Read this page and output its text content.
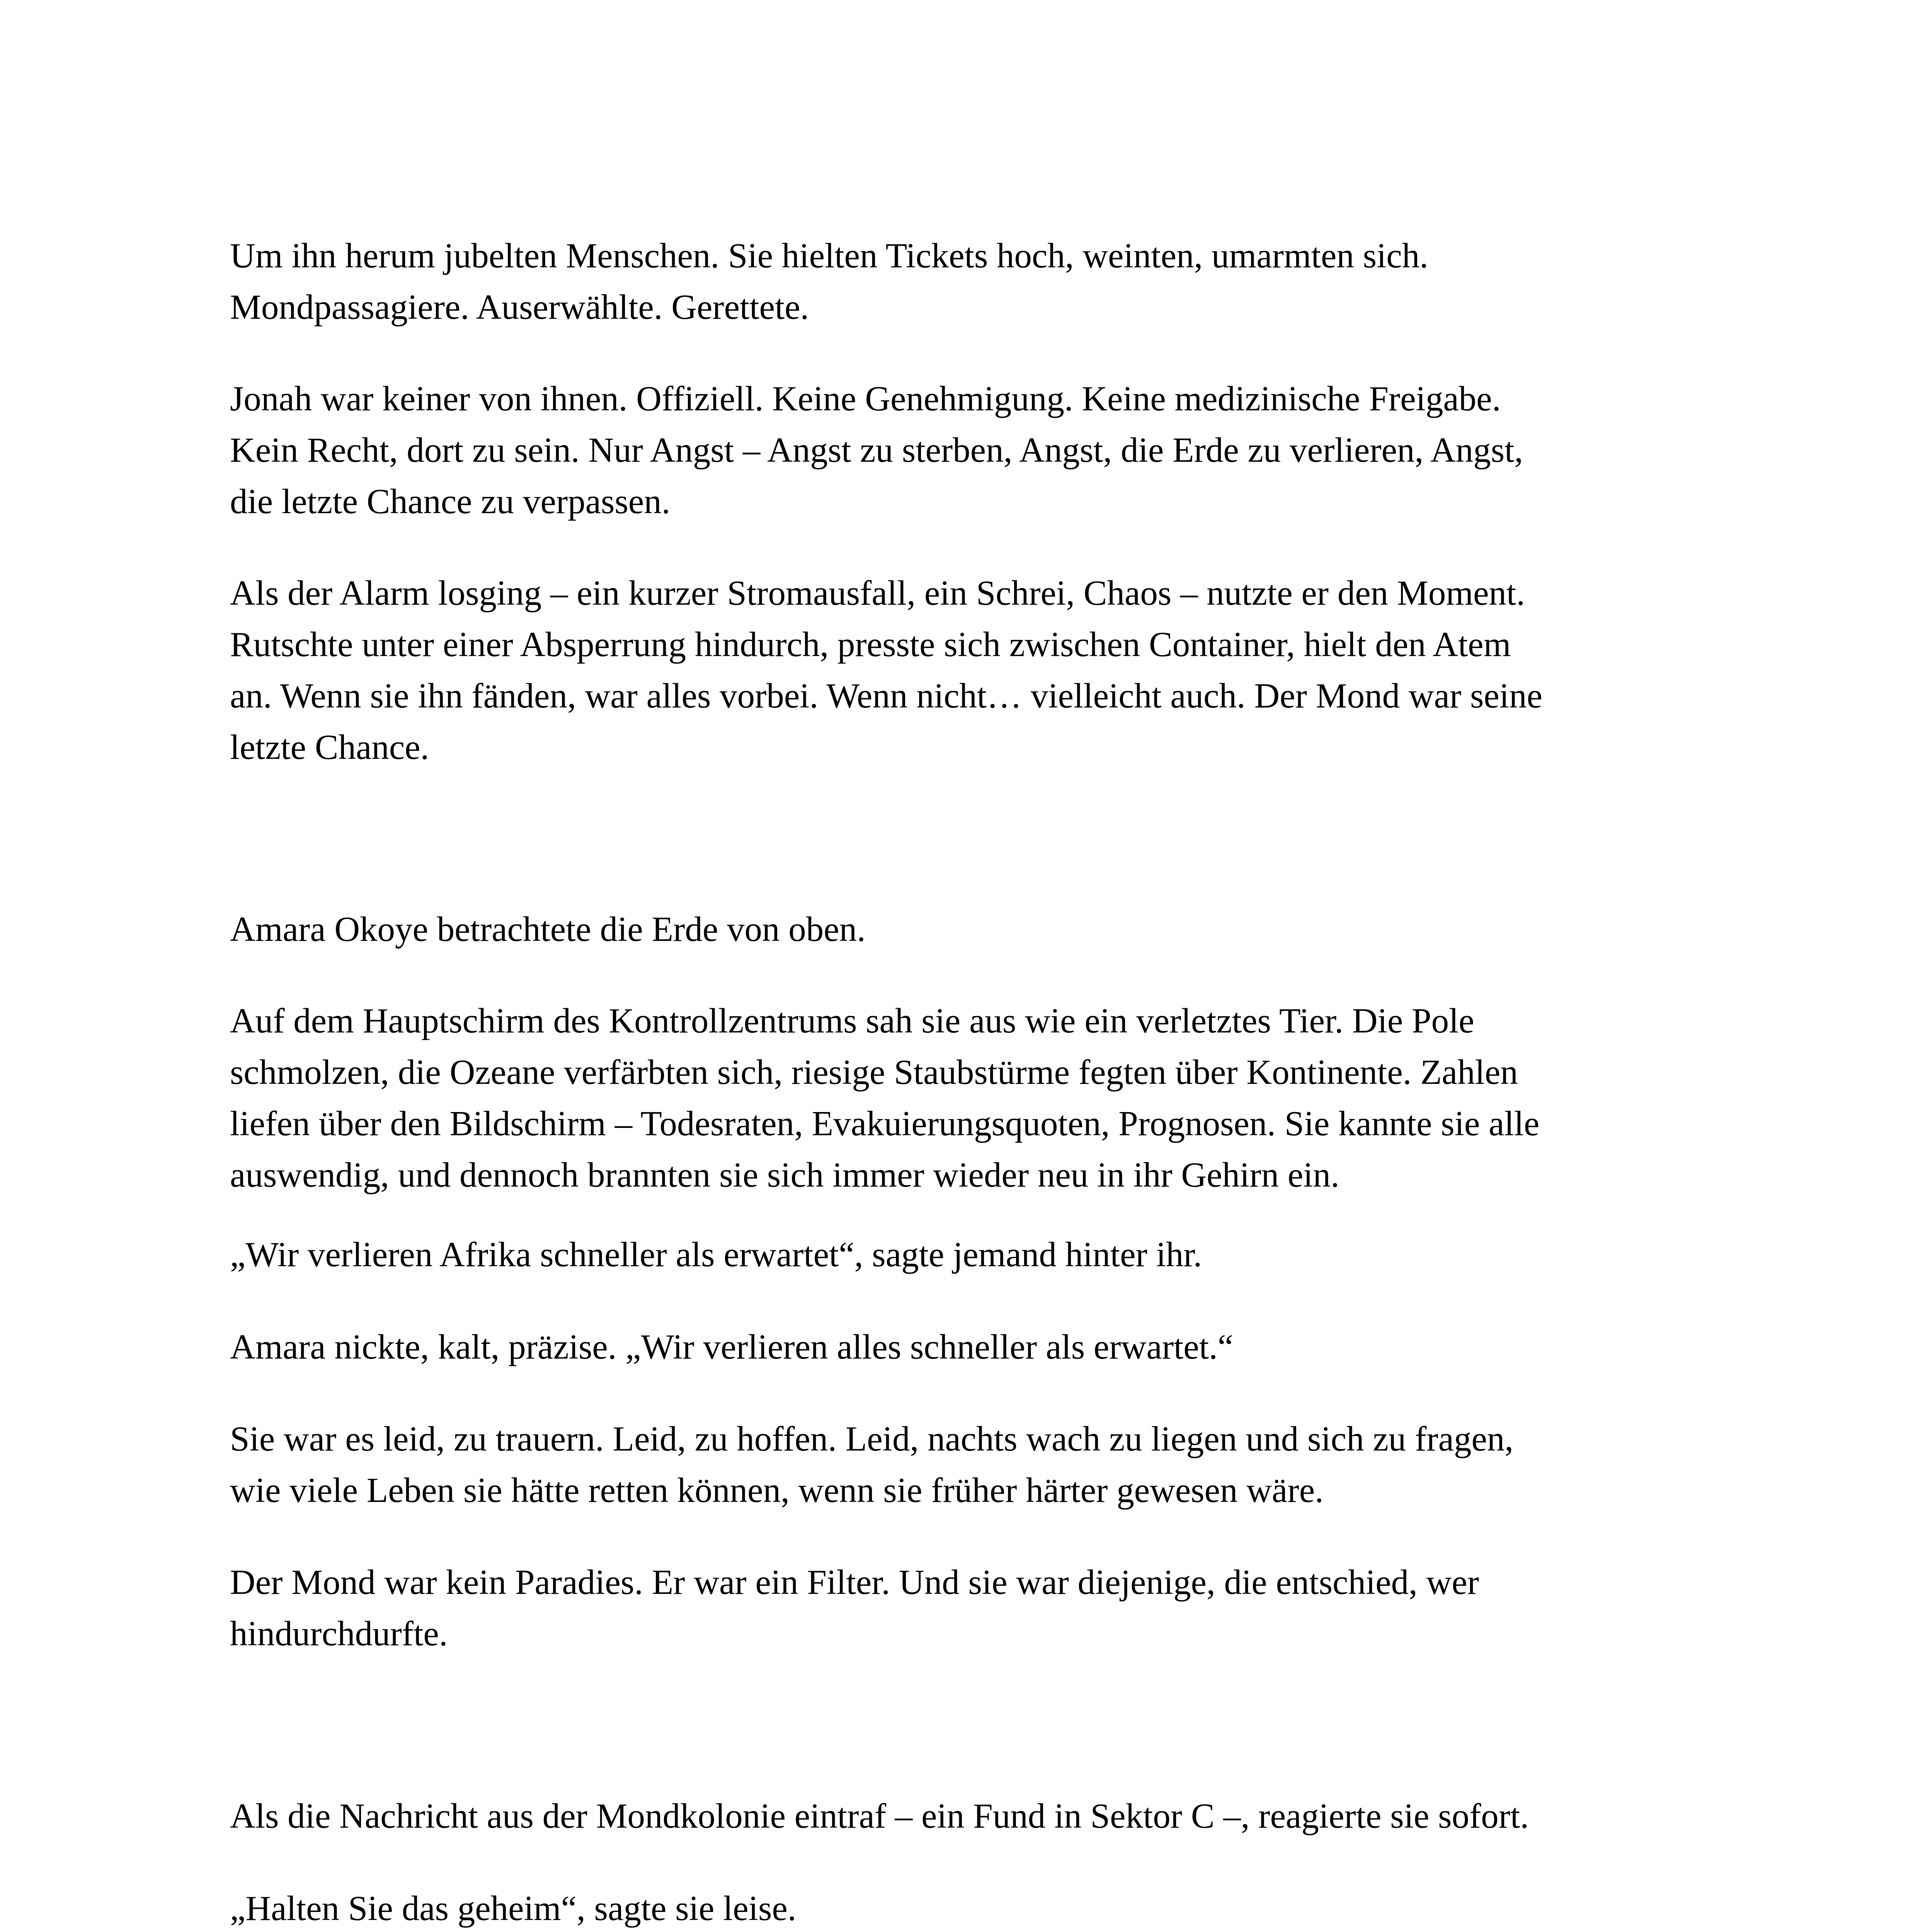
Um ihn herum jubelten Menschen. Sie hielten Tickets hoch, weinten, umarmten sich.
Mondpassagiere. Auserwählte. Gerettete.
Jonah war keiner von ihnen. Offiziell. Keine Genehmigung. Keine medizinische Freigabe.
Kein Recht, dort zu sein. Nur Angst – Angst zu sterben, Angst, die Erde zu verlieren, Angst,
die letzte Chance zu verpassen.
Als der Alarm losging – ein kurzer Stromausfall, ein Schrei, Chaos – nutzte er den Moment.
Rutschte unter einer Absperrung hindurch, presste sich zwischen Container, hielt den Atem
an. Wenn sie ihn fänden, war alles vorbei. Wenn nicht… vielleicht auch. Der Mond war seine
letzte Chance.
Amara Okoye betrachtete die Erde von oben.
Auf dem Hauptschirm des Kontrollzentrums sah sie aus wie ein verletztes Tier. Die Pole
schmolzen, die Ozeane verfärbten sich, riesige Staubstürme fegten über Kontinente. Zahlen
liefen über den Bildschirm – Todesraten, Evakuierungsquoten, Prognosen. Sie kannte sie alle
auswendig, und dennoch brannten sie sich immer wieder neu in ihr Gehirn ein.
„Wir verlieren Afrika schneller als erwartet“, sagte jemand hinter ihr.
Amara nickte, kalt, präzise. „Wir verlieren alles schneller als erwartet.“
Sie war es leid, zu trauern. Leid, zu hoffen. Leid, nachts wach zu liegen und sich zu fragen,
wie viele Leben sie hätte retten können, wenn sie früher härter gewesen wäre.
Der Mond war kein Paradies. Er war ein Filter. Und sie war diejenige, die entschied, wer
hindurchdurfte.
Als die Nachricht aus der Mondkolonie eintraf – ein Fund in Sektor C –, reagierte sie sofort.
„Halten Sie das geheim“, sagte sie leise.
